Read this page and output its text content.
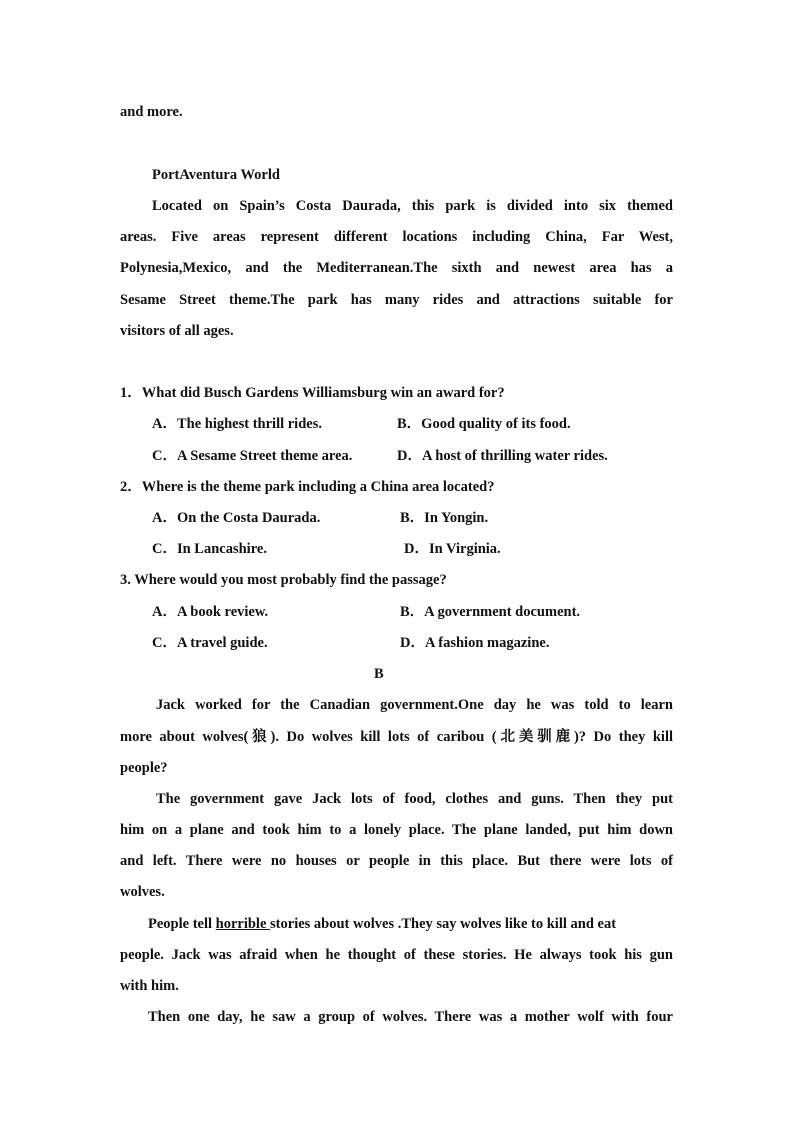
and more.
PortAventura World
Located on Spain’s Costa Daurada, this park is divided into six themed
areas. Five areas represent different locations including China, Far West,
Polynesia,Mexico, and the Mediterranean.The sixth and newest area has a
Sesame Street theme.The park has many rides and attractions suitable for
visitors of all ages.
1．What did Busch Gardens Williamsburg win an award for?
A．The highest thrill rides.	B．Good quality of its food.
C．A Sesame Street theme area.	D．A host of thrilling water rides.
2．Where is the theme park including a China area located?
A．On the Costa Daurada.	B．In Yongin.
C．In Lancashire.	D．In Virginia.
3. Where would you most probably find the passage?
A．A book review.	B．A government document.
C．A travel guide.	D．A fashion magazine.
B
Jack worked for the Canadian government.One day he was told to learn
more about wolves(狼). Do wolves kill lots of caribou (北美驯鹿)? Do they kill
people?
The government gave Jack lots of food, clothes and guns. Then they put
him on a plane and took him to a lonely place. The plane landed, put him down
and left. There were no houses or people in this place. But there were lots of
wolves.
People tell horrible stories about wolves .They say wolves like to kill and eat
people. Jack was afraid when he thought of these stories. He always took his gun
with him.
Then one day, he saw a group of wolves. There was a mother wolf with four
